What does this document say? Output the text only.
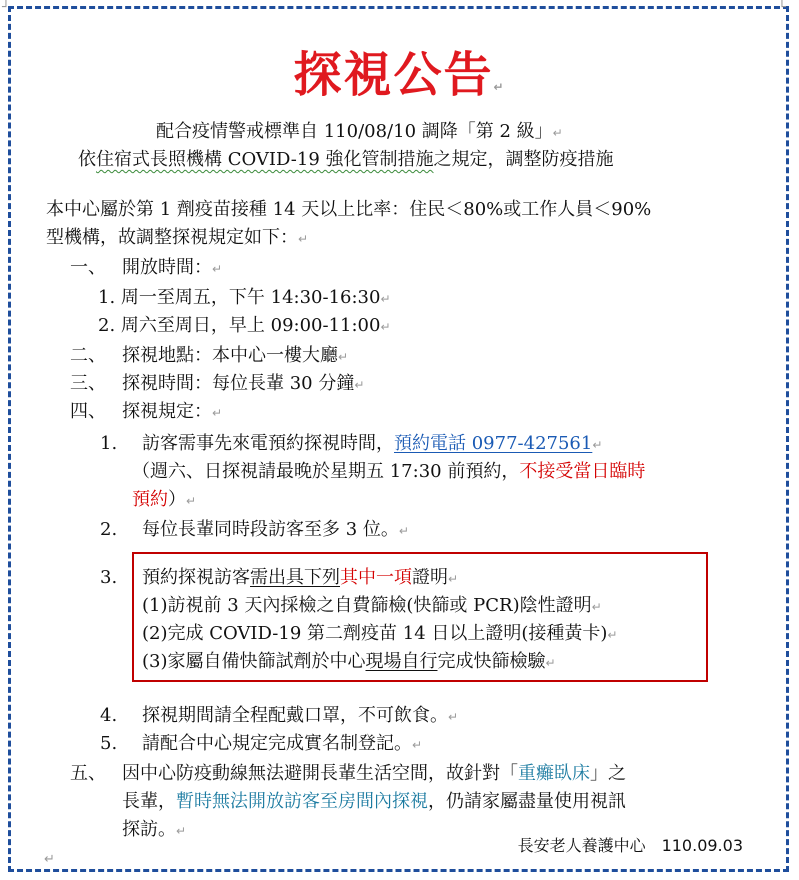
┘	└
探視公告↵
配合疫情警戒標準自 110/08/10 調降「第 2 級」↵
依住宿式長照機構 COVID-19 強化管制措施之規定，調整防疫措施
本中心屬於第 1 劑疫苗接種 14 天以上比率：住民＜80%或工作人員＜90%
型機構，故調整探視規定如下：↵
一、 開放時間：↵
1. 周一至周五，下午 14:30-16:30↵
2. 周六至周日，早上 09:00-11:00↵
二、 探視地點：本中心一樓大廳↵
三、 探視時間：每位長輩 30 分鐘↵
四、 探視規定：↵
1. 訪客需事先來電預約探視時間，預約電話 0977-427561↵
（週六、日探視請最晚於星期五 17:30 前預約，不接受當日臨時
預約）↵
2. 每位長輩同時段訪客至多 3 位。↵
3. 預約探視訪客需出具下列其中一項證明↵
(1)訪視前 3 天內採檢之自費篩檢(快篩或 PCR)陰性證明↵
(2)完成 COVID-19 第二劑疫苗 14 日以上證明(接種黃卡)↵
(3)家屬自備快篩試劑於中心現場自行完成快篩檢驗↵
4. 探視期間請全程配戴口罩，不可飲食。↵
5. 請配合中心規定完成實名制登記。↵
五、 因中心防疫動線無法避開長輩生活空間，故針對「重癱臥床」之
長輩，暫時無法開放訪客至房間內探視，仍請家屬盡量使用視訊
探訪。↵
長安老人養護中心　110.09.03
↵
